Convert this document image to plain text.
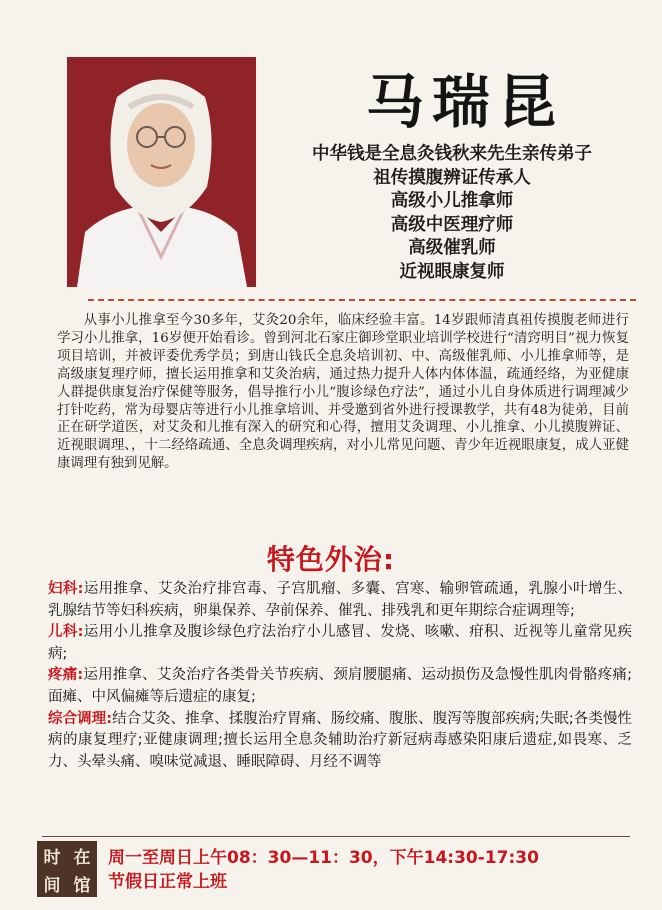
马瑞昆
中华钱是全息灸钱秋来先生亲传弟子
祖传摸腹辨证传承人
高级小儿推拿师
高级中医理疗师
高级催乳师
近视眼康复师
从事小儿推拿至今30多年，艾灸20余年，临床经验丰富。14岁跟师清真祖传摸腹老师进行学习小儿推拿，16岁便开始看诊。曾到河北石家庄御珍堂职业培训学校进行“清窍明目”视力恢复项目培训，并被评委优秀学员；到唐山钱氏全息灸培训初、中、高级催乳师、小儿推拿师等，是高级康复理疗师，擅长运用推拿和艾灸治病，通过热力提升人体内体体温，疏通经络，为亚健康人群提供康复治疗保健等服务，倡导推行小儿“腹诊绿色疗法”，通过小儿自身体质进行调理减少打针吃药，常为母婴店等进行小儿推拿培训、并受邀到省外进行授课教学，共有48为徒弟，目前正在研学道医，对艾灸和儿推有深入的研究和心得，擅用艾灸调理、小儿推拿、小儿摸腹辨证、近视眼调理、，十二经络疏通、全息灸调理疾病，对小儿常见问题、青少年近视眼康复，成人亚健康调理有独到见解。
特色外治:

妇科:运用推拿、艾灸治疗排宫毒、子宫肌瘤、多囊、宫寒、输卵管疏通，乳腺小叶增生、乳腺结节等妇科疾病，卵巢保养、孕前保养、催乳、排残乳和更年期综合症调理等;

儿科:运用小儿推拿及腹诊绿色疗法治疗小儿感冒、发烧、咳嗽、疳积、近视等儿童常见疾病;

疼痛:运用推拿、艾灸治疗各类骨关节疾病、颈肩腰腿痛、运动损伤及急慢性肌肉骨骼疼痛;面瘫、中风偏瘫等后遗症的康复;

综合调理:结合艾灸、推拿、揉腹治疗胃痛、肠绞痛、腹胀、腹泻等腹部疾病;失眠;各类慢性病的康复理疗;亚健康调理;擅长运用全息灸辅助治疗新冠病毒感染阳康后遗症,如畏寒、乏力、头晕头痛、嗅味觉减退、睡眠障碍、月经不调等

时 在
间 馆
周一至周日上午08：30—11：30，下午14:30-17:30
节假日正常上班
